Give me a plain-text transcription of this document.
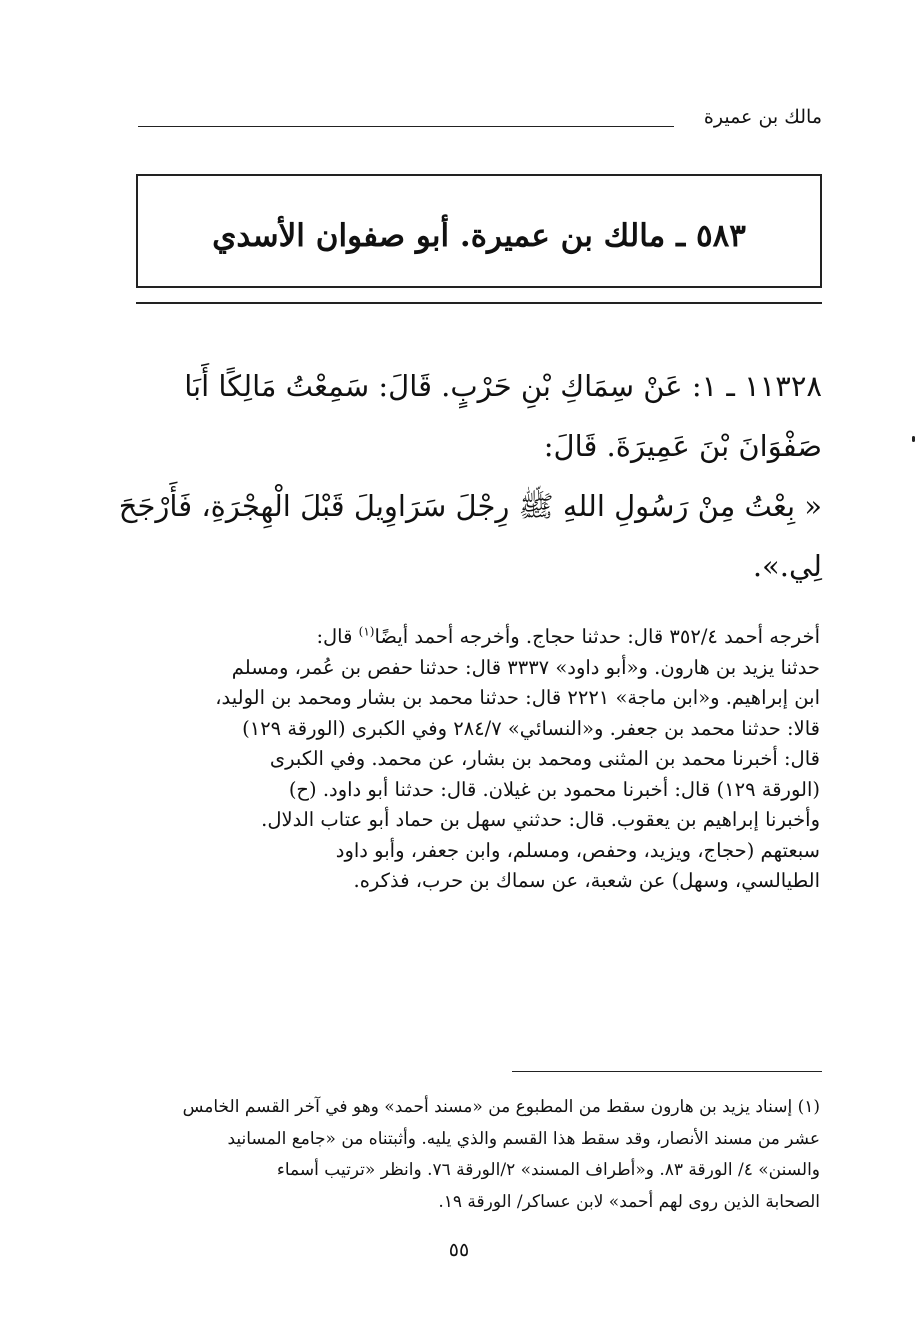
مالك بن عميرة
٥٨٣ ـ مالك بن عميرة. أبو صفوان الأسدي
١١٣٢٨ ـ ١: عَنْ سِمَاكِ بْنِ حَرْبٍ. قَالَ: سَمِعْتُ مَالِكًا أَبَا
صَفْوَانَ بْنَ عَمِيرَةَ. قَالَ:
« بِعْتُ مِنْ رَسُولِ اللهِ ﷺ رِجْلَ سَرَاوِيلَ قَبْلَ الْهِجْرَةِ، فَأَرْجَحَ
لِي.».
أخرجه أحمد ٣٥٢/٤ قال: حدثنا حجاج. وأخرجه أحمد أيضًا$^{(١)}$ قال:
حدثنا يزيد بن هارون. و«أبو داود» ٣٣٣٧ قال: حدثنا حفص بن عُمر، ومسلم
ابن إبراهيم. و«ابن ماجة» ٢٢٢١ قال: حدثنا محمد بن بشار ومحمد بن الوليد،
قالا: حدثنا محمد بن جعفر. و«النسائي» ٢٨٤/٧ وفي الكبرى (الورقة ١٢٩)
قال: أخبرنا محمد بن المثنى ومحمد بن بشار، عن محمد. وفي الكبرى
(الورقة ١٢٩) قال: أخبرنا محمود بن غيلان. قال: حدثنا أبو داود. (ح)
وأخبرنا إبراهيم بن يعقوب. قال: حدثني سهل بن حماد أبو عتاب الدلال.
سبعتهم (حجاج، ويزيد، وحفص، ومسلم، وابن جعفر، وأبو داود
الطيالسي، وسهل) عن شعبة، عن سماك بن حرب، فذكره.
(١) إسناد يزيد بن هارون سقط من المطبوع من «مسند أحمد» وهو في آخر القسم الخامس
عشر من مسند الأنصار، وقد سقط هذا القسم والذي يليه. وأثبتناه من «جامع المسانيد
والسنن» ٤/ الورقة ٨٣. و«أطراف المسند» ٢/الورقة ٧٦. وانظر «ترتيب أسماء
الصحابة الذين روى لهم أحمد» لابن عساكر/ الورقة ١٩.
٥٥
